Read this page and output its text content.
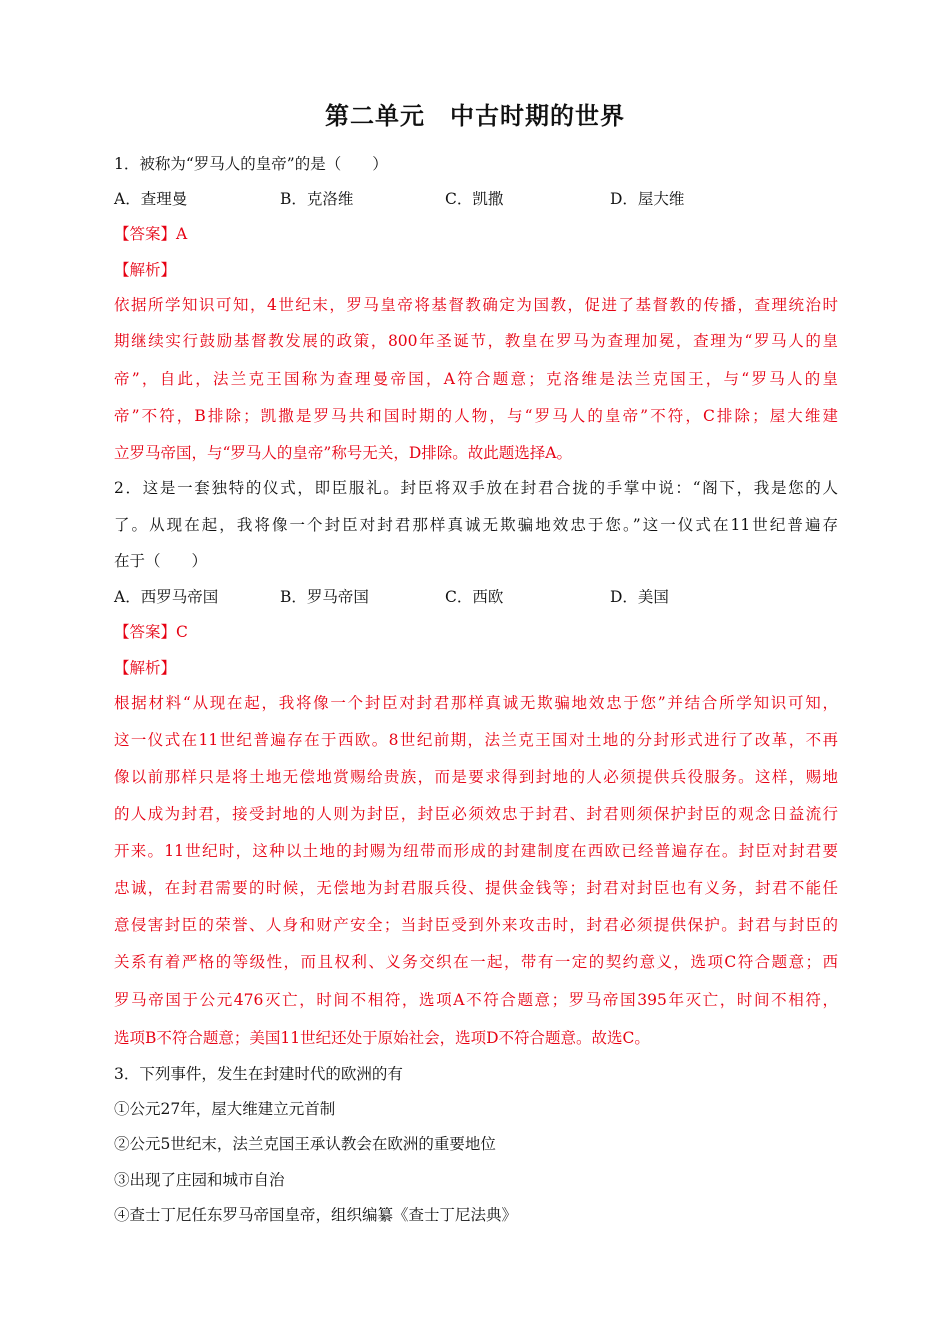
第二单元　中古时期的世界
1．被称为“罗马人的皇帝”的是（　　）
A．查理曼	B．克洛维	C．凯撒	D．屋大维
【答案】A
【解析】
依据所学知识可知，4世纪末，罗马皇帝将基督教确定为国教，促进了基督教的传播，查理统治时
期继续实行鼓励基督教发展的政策，800年圣诞节，教皇在罗马为查理加冕，查理为“罗马人的皇
帝”，自此，法兰克王国称为查理曼帝国，A符合题意；克洛维是法兰克国王，与“罗马人的皇
帝”不符，B排除；凯撒是罗马共和国时期的人物，与“罗马人的皇帝”不符，C排除；屋大维建
立罗马帝国，与“罗马人的皇帝”称号无关，D排除。故此题选择A。
2．这是一套独特的仪式，即臣服礼。封臣将双手放在封君合拢的手掌中说：“阁下，我是您的人
了。从现在起，我将像一个封臣对封君那样真诚无欺骗地效忠于您。”这一仪式在11世纪普遍存
在于（　　）
A．西罗马帝国	B．罗马帝国	C．西欧	D．美国
【答案】C
【解析】
根据材料“从现在起，我将像一个封臣对封君那样真诚无欺骗地效忠于您”并结合所学知识可知，
这一仪式在11世纪普遍存在于西欧。8世纪前期，法兰克王国对土地的分封形式进行了改革，不再
像以前那样只是将土地无偿地赏赐给贵族，而是要求得到封地的人必须提供兵役服务。这样，赐地
的人成为封君，接受封地的人则为封臣，封臣必须效忠于封君、封君则须保护封臣的观念日益流行
开来。11世纪时，这种以土地的封赐为纽带而形成的封建制度在西欧已经普遍存在。封臣对封君要
忠诚，在封君需要的时候，无偿地为封君服兵役、提供金钱等；封君对封臣也有义务，封君不能任
意侵害封臣的荣誉、人身和财产安全；当封臣受到外来攻击时，封君必须提供保护。封君与封臣的
关系有着严格的等级性，而且权利、义务交织在一起，带有一定的契约意义，选项C符合题意；西
罗马帝国于公元476灭亡，时间不相符，选项A不符合题意；罗马帝国395年灭亡，时间不相符，
选项B不符合题意；美国11世纪还处于原始社会，选项D不符合题意。故选C。
3．下列事件，发生在封建时代的欧洲的有
①公元27年，屋大维建立元首制
②公元5世纪末，法兰克国王承认教会在欧洲的重要地位
③出现了庄园和城市自治
④查士丁尼任东罗马帝国皇帝，组织编纂《查士丁尼法典》
